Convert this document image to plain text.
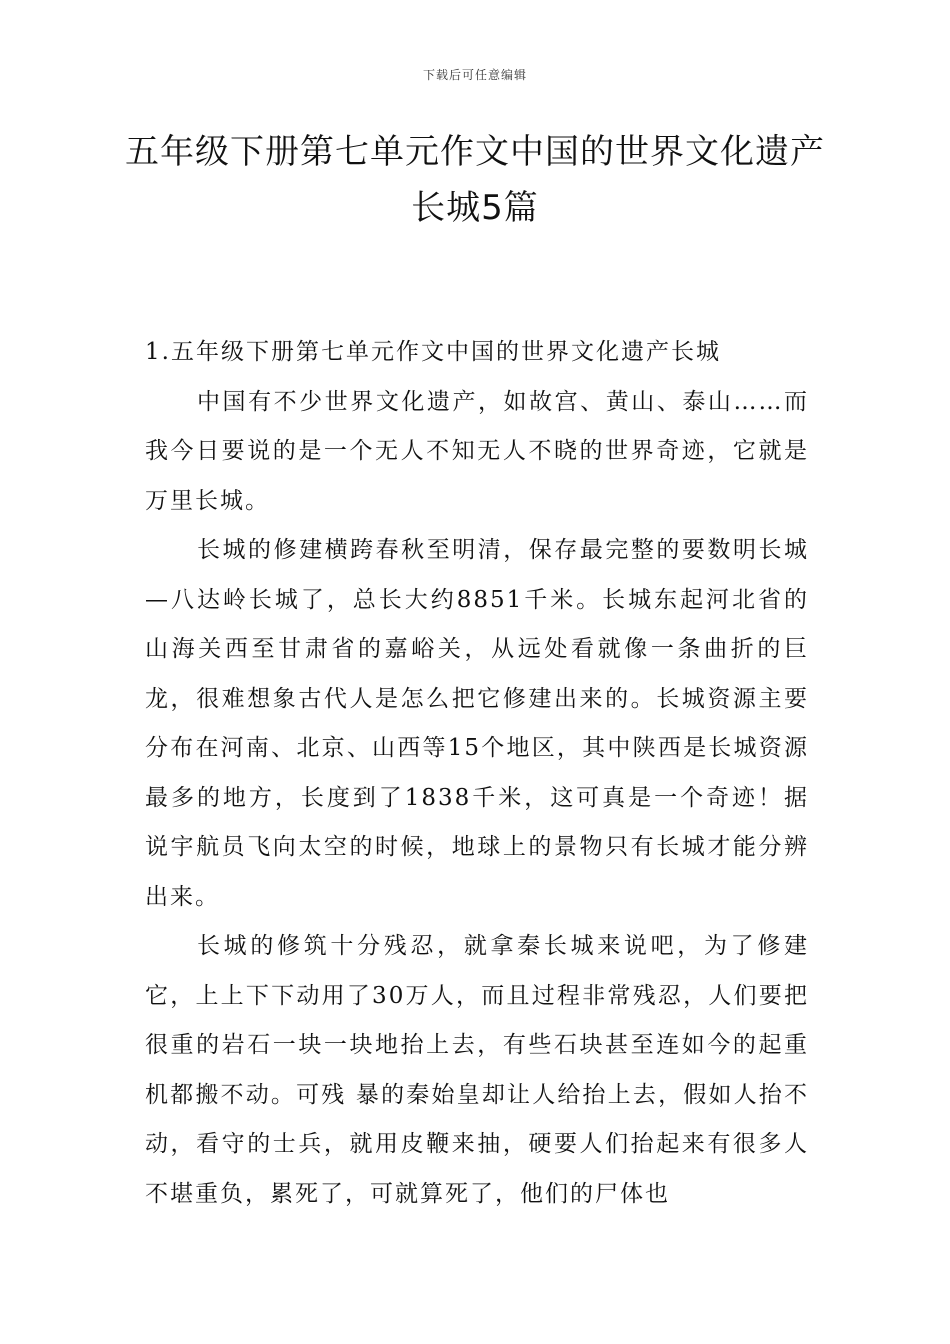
下载后可任意编辑
五年级下册第七单元作文中国的世界文化遗产长城5篇

1.五年级下册第七单元作文中国的世界文化遗产长城

中国有不少世界文化遗产，如故宫、黄山、泰山……而我今日要说的是一个无人不知无人不晓的世界奇迹，它就是万里长城。

长城的修建横跨春秋至明清，保存最完整的要数明长城—八达岭长城了，总长大约8851千米。长城东起河北省的山海关西至甘肃省的嘉峪关，从远处看就像一条曲折的巨龙，很难想象古代人是怎么把它修建出来的。长城资源主要分布在河南、北京、山西等15个地区，其中陕西是长城资源最多的地方，长度到了1838千米，这可真是一个奇迹！据说宇航员飞向太空的时候，地球上的景物只有长城才能分辨出来。

长城的修筑十分残忍，就拿秦长城来说吧，为了修建它，上上下下动用了30万人，而且过程非常残忍，人们要把很重的岩石一块一块地抬上去，有些石块甚至连如今的起重机都搬不动。可残 暴的秦始皇却让人给抬上去，假如人抬不动，看守的士兵，就用皮鞭来抽，硬要人们抬起来有很多人不堪重负，累死了，可就算死了，他们的尸体也
